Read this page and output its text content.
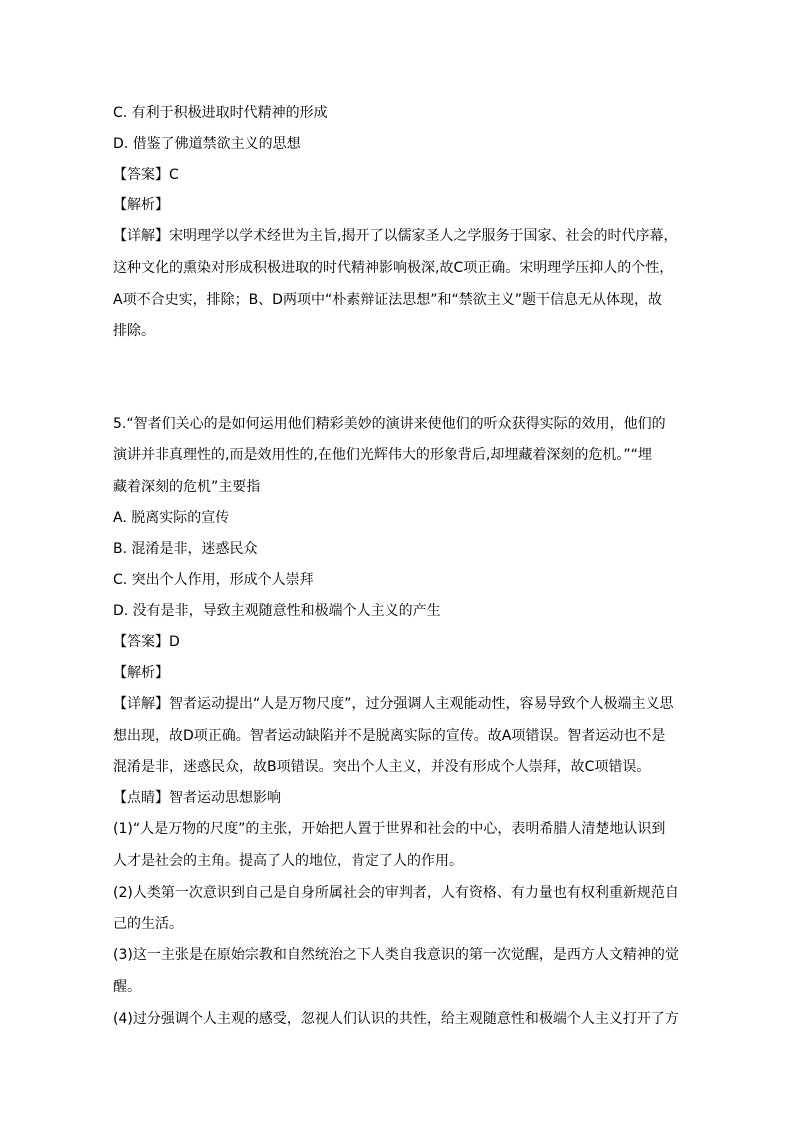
C. 有利于积极进取时代精神的形成
D. 借鉴了佛道禁欲主义的思想
【答案】C
【解析】
【详解】宋明理学以学术经世为主旨,揭开了以儒家圣人之学服务于国家、社会的时代序幕，
这种文化的熏染对形成积极进取的时代精神影响极深,故C项正确。宋明理学压抑人的个性，
A项不合史实，排除；B、D两项中“朴素辩证法思想”和“禁欲主义”题干信息无从体现，故
排除。
5.“智者们关心的是如何运用他们精彩美妙的演讲来使他们的听众获得实际的效用，他们的
演讲并非真理性的,而是效用性的,在他们光辉伟大的形象背后,却埋藏着深刻的危机。”“埋
藏着深刻的危机”主要指
A. 脱离实际的宣传
B. 混淆是非，迷惑民众
C. 突出个人作用，形成个人崇拜
D. 没有是非，导致主观随意性和极端个人主义的产生
【答案】D
【解析】
【详解】智者运动提出“人是万物尺度”，过分强调人主观能动性，容易导致个人极端主义思
想出现，故D项正确。智者运动缺陷并不是脱离实际的宣传。故A项错误。智者运动也不是
混淆是非，迷惑民众，故B项错误。突出个人主义，并没有形成个人崇拜，故C项错误。
【点睛】智者运动思想影响
(1)“人是万物的尺度”的主张，开始把人置于世界和社会的中心，表明希腊人清楚地认识到
人才是社会的主角。提高了人的地位，肯定了人的作用。
(2)人类第一次意识到自己是自身所属社会的审判者，人有资格、有力量也有权利重新规范自
己的生活。
(3)这一主张是在原始宗教和自然统治之下人类自我意识的第一次觉醒，是西方人文精神的觉
醒。
(4)过分强调个人主观的感受，忽视人们认识的共性，给主观随意性和极端个人主义打开了方
